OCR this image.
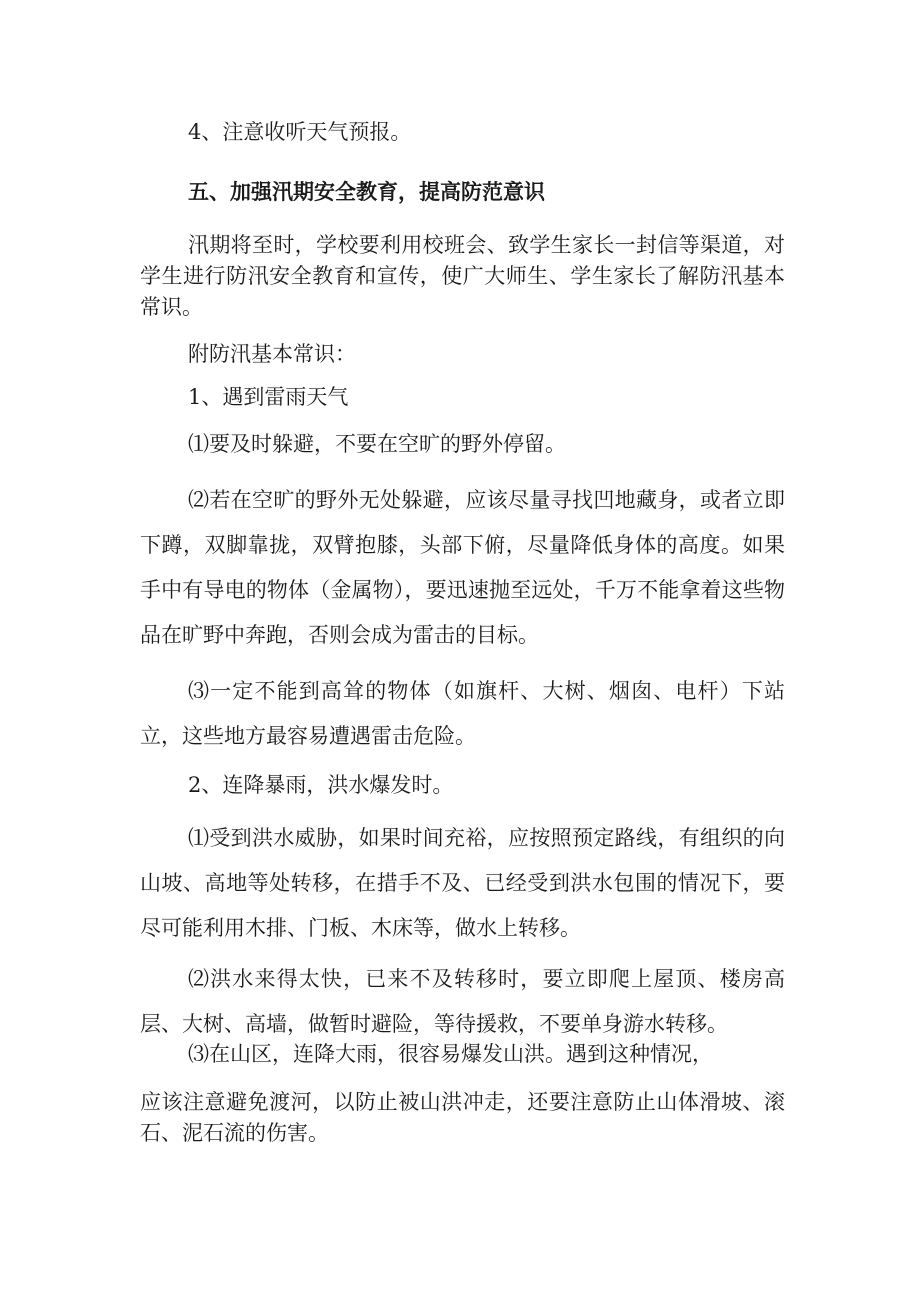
4、注意收听天气预报。

五、加强汛期安全教育，提高防范意识

汛期将至时，学校要利用校班会、致学生家长一封信等渠道，对学生进行防汛安全教育和宣传，使广大师生、学生家长了解防汛基本常识。

附防汛基本常识：

1、遇到雷雨天气

⑴要及时躲避，不要在空旷的野外停留。

⑵若在空旷的野外无处躲避，应该尽量寻找凹地藏身，或者立即下蹲，双脚靠拢，双臂抱膝，头部下俯，尽量降低身体的高度。如果手中有导电的物体（金属物），要迅速抛至远处，千万不能拿着这些物品在旷野中奔跑，否则会成为雷击的目标。

⑶一定不能到高耸的物体（如旗杆、大树、烟囱、电杆）下站立，这些地方最容易遭遇雷击危险。

2、连降暴雨，洪水爆发时。

⑴受到洪水威胁，如果时间充裕，应按照预定路线，有组织的向山坡、高地等处转移，在措手不及、已经受到洪水包围的情况下，要尽可能利用木排、门板、木床等，做水上转移。

⑵洪水来得太快，已来不及转移时，要立即爬上屋顶、楼房高层、大树、高墙，做暂时避险，等待援救，不要单身游水转移。

⑶在山区，连降大雨，很容易爆发山洪。遇到这种情况，

应该注意避免渡河，以防止被山洪冲走，还要注意防止山体滑坡、滚石、泥石流的伤害。
